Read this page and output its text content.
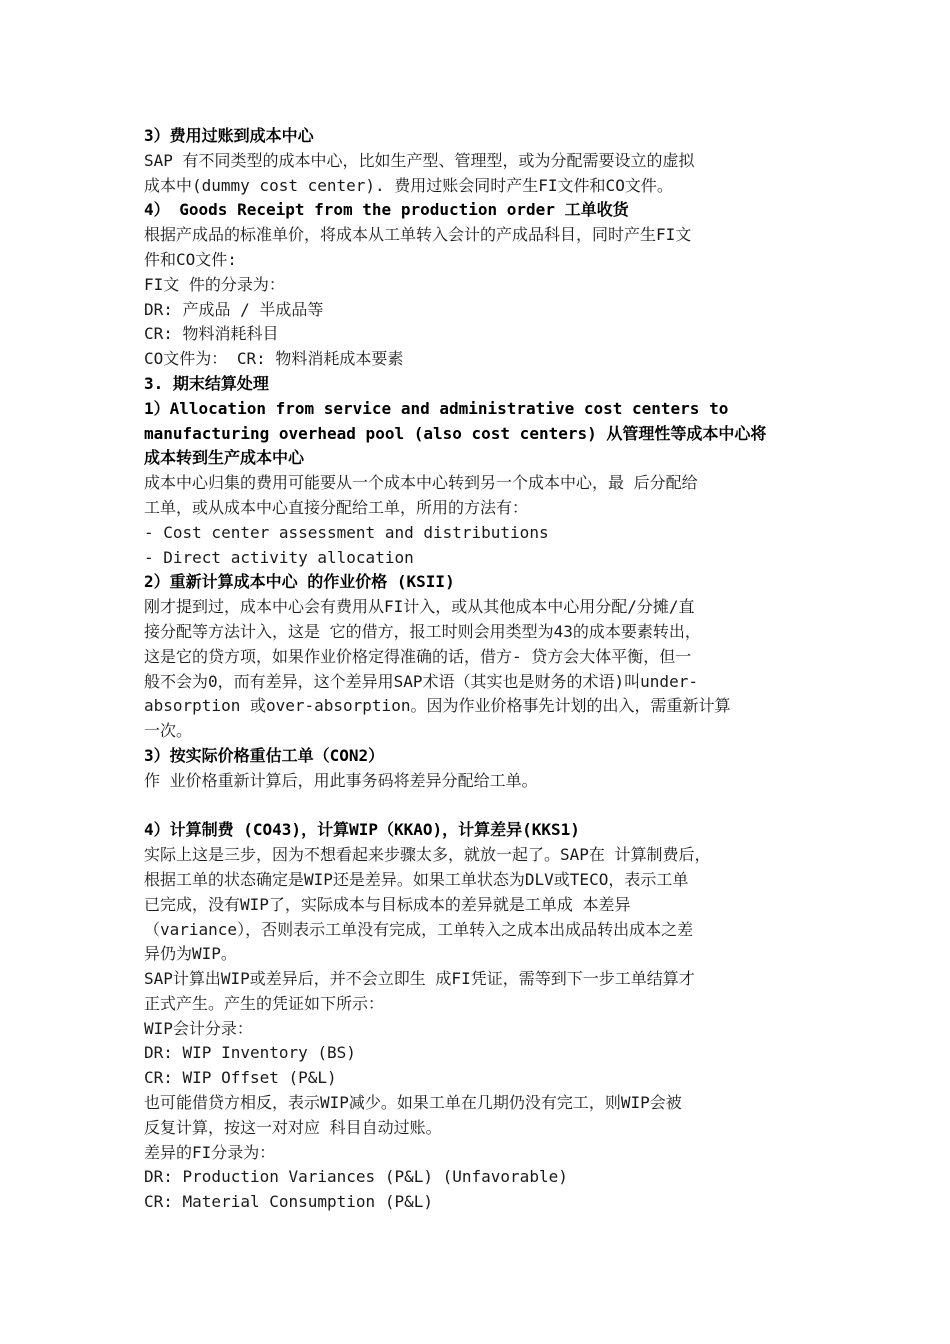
3）费用过账到成本中心
SAP 有不同类型的成本中心，比如生产型、管理型，或为分配需要设立的虚拟
成本中(dummy cost center). 费用过账会同时产生FI文件和CO文件。
4） Goods Receipt from the production order 工单收货
根据产成品的标准单价，将成本从工单转入会计的产成品科目，同时产生FI文
件和CO文件:
FI文 件的分录为：
DR: 产成品 / 半成品等
CR: 物料消耗科目
CO文件为： CR: 物料消耗成本要素
3. 期末结算处理
1）Allocation from service and administrative cost centers to
manufacturing overhead pool (also cost centers) 从管理性等成本中心将
成本转到生产成本中心
成本中心归集的费用可能要从一个成本中心转到另一个成本中心，最 后分配给
工单，或从成本中心直接分配给工单，所用的方法有：
- Cost center assessment and distributions
- Direct activity allocation
2）重新计算成本中心 的作业价格 (KSII)
刚才提到过，成本中心会有费用从FI计入，或从其他成本中心用分配/分摊/直
接分配等方法计入，这是 它的借方，报工时则会用类型为43的成本要素转出，
这是它的贷方项，如果作业价格定得准确的话，借方- 贷方会大体平衡，但一
般不会为0，而有差异，这个差异用SAP术语（其实也是财务的术语)叫under-
absorption 或over-absorption。因为作业价格事先计划的出入，需重新计算
一次。
3）按实际价格重估工单（CON2）
作 业价格重新计算后，用此事务码将差异分配给工单。
4）计算制费 (CO43)，计算WIP（KKAO)，计算差异(KKS1)
实际上这是三步，因为不想看起来步骤太多，就放一起了。SAP在 计算制费后，
根据工单的状态确定是WIP还是差异。如果工单状态为DLV或TECO，表示工单
已完成，没有WIP了，实际成本与目标成本的差异就是工单成 本差异
（variance），否则表示工单没有完成，工单转入之成本出成品转出成本之差
异仍为WIP。
SAP计算出WIP或差异后，并不会立即生 成FI凭证，需等到下一步工单结算才
正式产生。产生的凭证如下所示：
WIP会计分录：
DR: WIP Inventory (BS)
CR: WIP Offset (P&L)
也可能借贷方相反，表示WIP减少。如果工单在几期仍没有完工，则WIP会被
反复计算，按这一对对应 科目自动过账。
差异的FI分录为：
DR: Production Variances (P&L) (Unfavorable)
CR: Material Consumption (P&L)
